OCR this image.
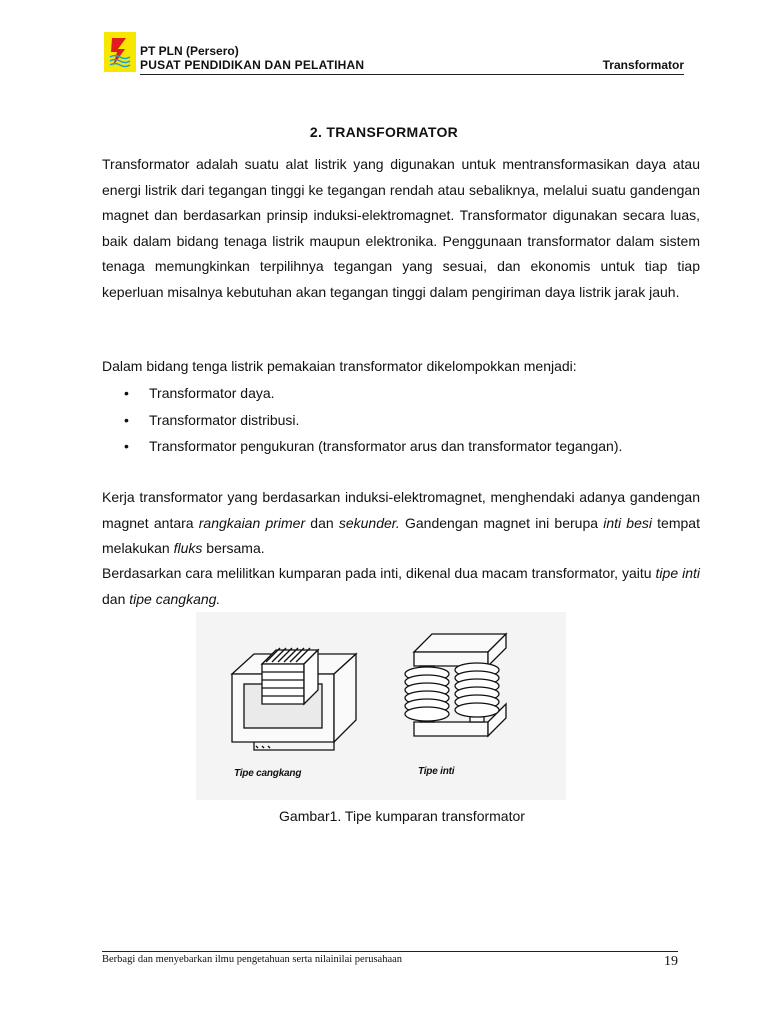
PT PLN (Persero)
PUSAT PENDIDIKAN DAN PELATIHAN	Transformator
2. TRANSFORMATOR

Transformator adalah suatu alat listrik yang digunakan untuk mentransformasikan daya atau energi listrik dari tegangan tinggi ke tegangan rendah atau sebaliknya, melalui suatu gandengan magnet dan berdasarkan prinsip induksi-elektromagnet. Transformator digunakan secara luas, baik dalam bidang tenaga listrik maupun elektronika. Penggunaan transformator dalam sistem tenaga memungkinkan terpilihnya tegangan yang sesuai, dan ekonomis untuk tiap tiap keperluan misalnya kebutuhan akan tegangan tinggi dalam pengiriman daya listrik jarak jauh.

Dalam bidang tenga listrik pemakaian transformator dikelompokkan menjadi:

• Transformator daya.
• Transformator distribusi.
• Transformator pengukuran (transformator arus dan transformator tegangan).

Kerja transformator yang berdasarkan induksi-elektromagnet, menghendaki adanya gandengan magnet antara rangkaian primer dan sekunder. Gandengan magnet ini berupa inti besi tempat melakukan fluks bersama.

Berdasarkan cara melilitkan kumparan pada inti, dikenal dua macam transformator, yaitu tipe inti dan tipe cangkang.

Tipe cangkang	Tipe inti
Gambar1. Tipe kumparan transformator
Berbagi dan menyebarkan ilmu pengetahuan serta nilainilai perusahaan	19
